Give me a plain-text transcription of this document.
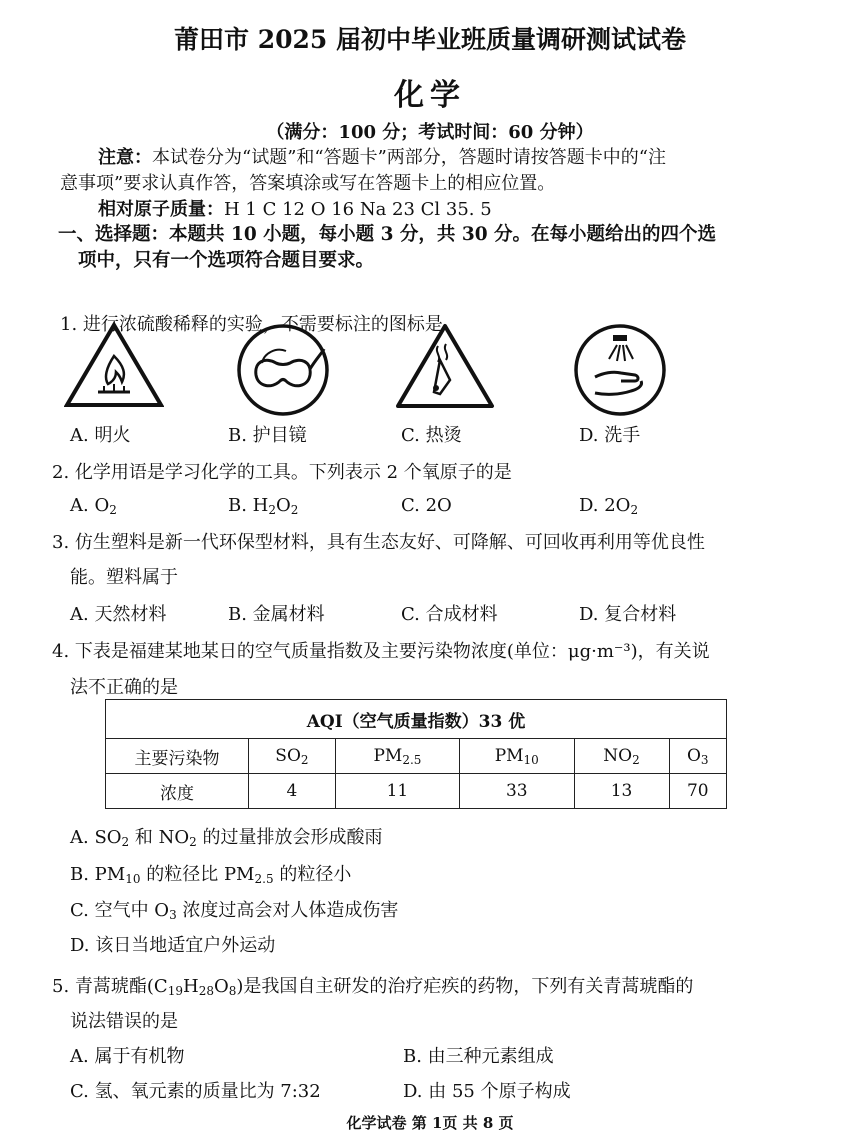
莆田市 2025 届初中毕业班质量调研测试试卷
化学
（满分：100 分；考试时间：60 分钟）
注意：本试卷分为“试题”和“答题卡”两部分，答题时请按答题卡中的“注
意事项”要求认真作答，答案填涂或写在答题卡上的相应位置。
相对原子质量：H 1 C 12 O 16 Na 23 Cl 35. 5
一、选择题：本题共 10 小题，每小题 3 分，共 30 分。在每小题给出的四个选
项中，只有一个选项符合题目要求。
1. 进行浓硫酸稀释的实验，不需要标注的图标是
A. 明火	B. 护目镜	C. 热烫	D. 洗手
2. 化学用语是学习化学的工具。下列表示 2 个氧原子的是
A. $O_2$	B. $H_2O_2$	C. 2O	D. $2O_2$
3. 仿生塑料是新一代环保型材料，具有生态友好、可降解、可回收再利用等优良性
能。塑料属于
A. 天然材料	B. 金属材料	C. 合成材料	D. 复合材料
4. 下表是福建某地某日的空气质量指数及主要污染物浓度(单位：μg·m⁻³)，有关说
法不正确的是
AQI（空气质量指数）33 优					
主要污染物	$SO_2$	$PM_{2.5}$	$PM_{10}$	$NO_2$	$O_3$
浓度	4	11	33	13	70
A. $SO_2$ 和 $NO_2$ 的过量排放会形成酸雨
B. $PM_{10}$ 的粒径比 $PM_{2.5}$ 的粒径小
C. 空气中 $O_3$ 浓度过高会对人体造成伤害
D. 该日当地适宜户外运动
5. 青蒿琥酯$(C_{19}H_{28}O_8)$是我国自主研发的治疗疟疾的药物，下列有关青蒿琥酯的
说法错误的是
A. 属于有机物	B. 由三种元素组成
C. 氢、氧元素的质量比为 7:32	D. 由 55 个原子构成
化学试卷 第 1页 共 8 页
